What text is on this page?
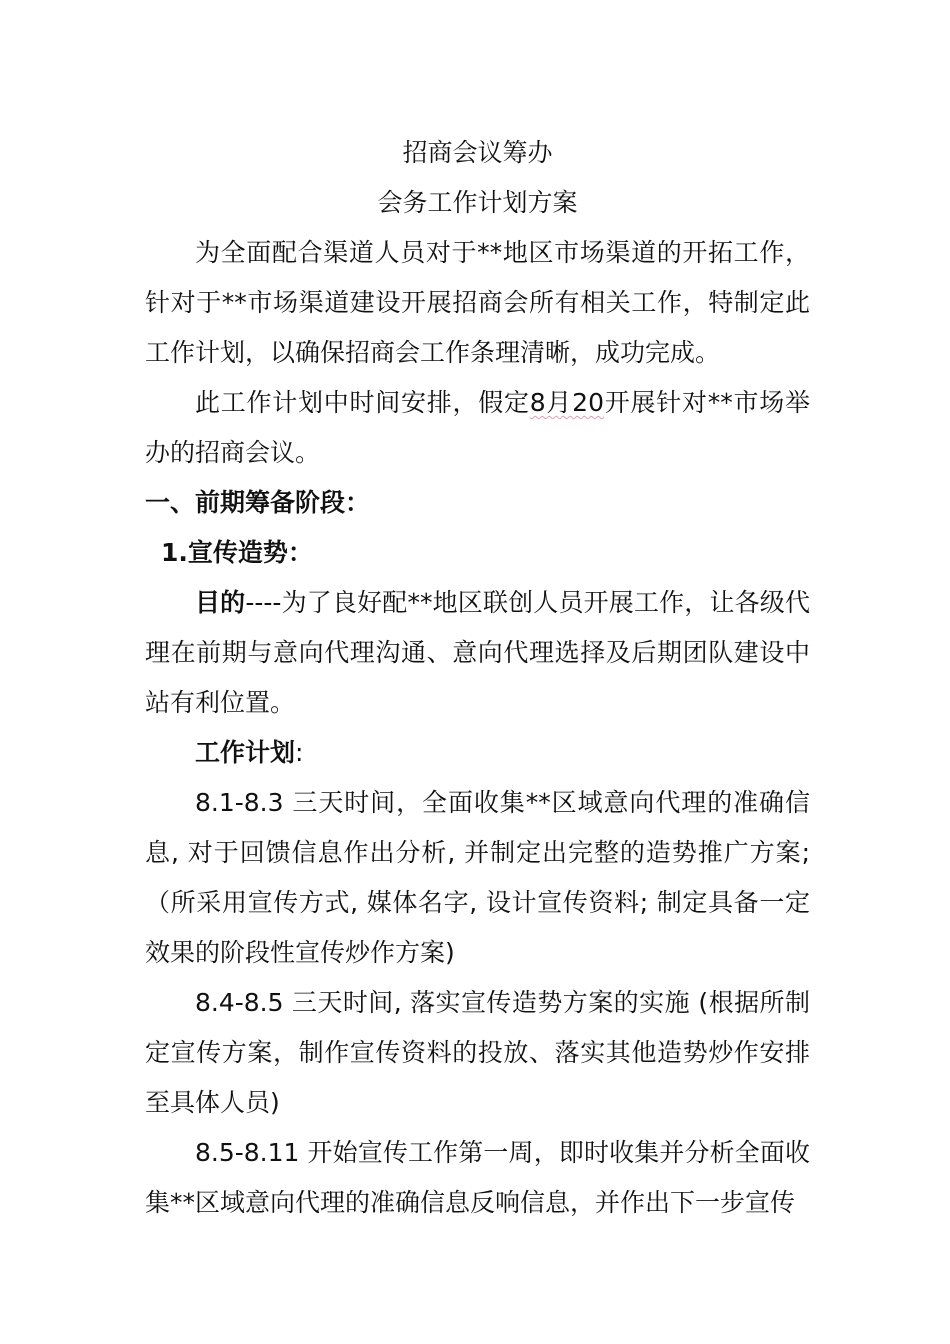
招商会议筹办

会务工作计划方案

为全面配合渠道人员对于**地区市场渠道的开拓工作，针对于**市场渠道建设开展招商会所有相关工作，特制定此工作计划，以确保招商会工作条理清晰，成功完成。

此工作计划中时间安排，假定8月20开展针对**市场举办的招商会议。

一、前期筹备阶段：

1.宣传造势：

目的----为了良好配**地区联创人员开展工作，让各级代理在前期与意向代理沟通、意向代理选择及后期团队建设中站有利位置。

工作计划:

8.1-8.3 三天时间，全面收集**区域意向代理的准确信息, 对于回馈信息作出分析, 并制定出完整的造势推广方案;（所采用宣传方式, 媒体名字, 设计宣传资料; 制定具备一定效果的阶段性宣传炒作方案)

8.4-8.5 三天时间, 落实宣传造势方案的实施 (根据所制定宣传方案，制作宣传资料的投放、落实其他造势炒作安排至具体人员)

8.5-8.11 开始宣传工作第一周，即时收集并分析全面收集**区域意向代理的准确信息反响信息，并作出下一步宣传
